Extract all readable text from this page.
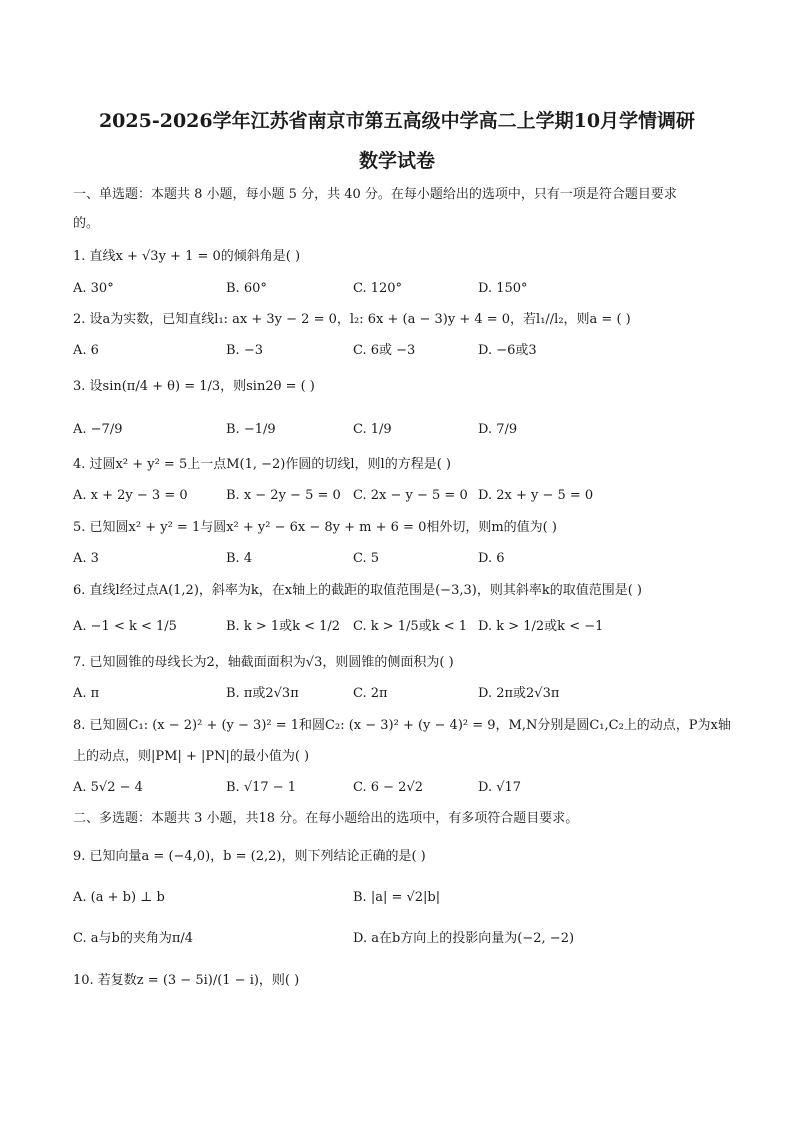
2025-2026学年江苏省南京市第五高级中学高二上学期10月学情调研
数学试卷
一、单选题：本题共 8 小题，每小题 5 分，共 40 分。在每小题给出的选项中，只有一项是符合题目要求
的。
1. 直线x + √3y + 1 = 0的倾斜角是( )
A. 30°	B. 60°	C. 120°	D. 150°
2. 设a为实数，已知直线l₁: ax + 3y − 2 = 0，l₂: 6x + (a − 3)y + 4 = 0，若l₁//l₂，则a = ( )
A. 6	B. −3	C. 6或 −3	D. −6或3
3. 设sin(π/4 + θ) = 1/3，则sin2θ = ( )
A. −7/9	B. −1/9	C. 1/9	D. 7/9
4. 过圆x² + y² = 5上一点M(1, −2)作圆的切线l，则l的方程是( )
A. x + 2y − 3 = 0	B. x − 2y − 5 = 0 C. 2x − y − 5 = 0 D. 2x + y − 5 = 0
5. 已知圆x² + y² = 1与圆x² + y² − 6x − 8y + m + 6 = 0相外切，则m的值为( )
A. 3	B. 4	C. 5	D. 6
6. 直线l经过点A(1,2)，斜率为k，在x轴上的截距的取值范围是(−3,3)，则其斜率k的取值范围是( )
A. −1 < k < 1/5	B. k > 1或k < 1/2 C. k > 1/5或k < 1 D. k > 1/2或k < −1
7. 已知圆锥的母线长为2，轴截面面积为√3，则圆锥的侧面积为( )
A. π	B. π或2√3π	C. 2π	D. 2π或2√3π
8. 已知圆C₁: (x − 2)² + (y − 3)² = 1和圆C₂: (x − 3)² + (y − 4)² = 9，M,N分别是圆C₁,C₂上的动点，P为x轴
上的动点，则|PM| + |PN|的最小值为( )
A. 5√2 − 4	B. √17 − 1	C. 6 − 2√2	D. √17
二、多选题：本题共 3 小题，共18 分。在每小题给出的选项中，有多项符合题目要求。
9. 已知向量a = (−4,0)，b = (2,2)，则下列结论正确的是( )
A. (a + b) ⊥ b	B. |a| = √2|b|
C. a与b的夹角为π/4	D. a在b方向上的投影向量为(−2, −2)
10. 若复数z = (3 − 5i)/(1 − i)，则( )
